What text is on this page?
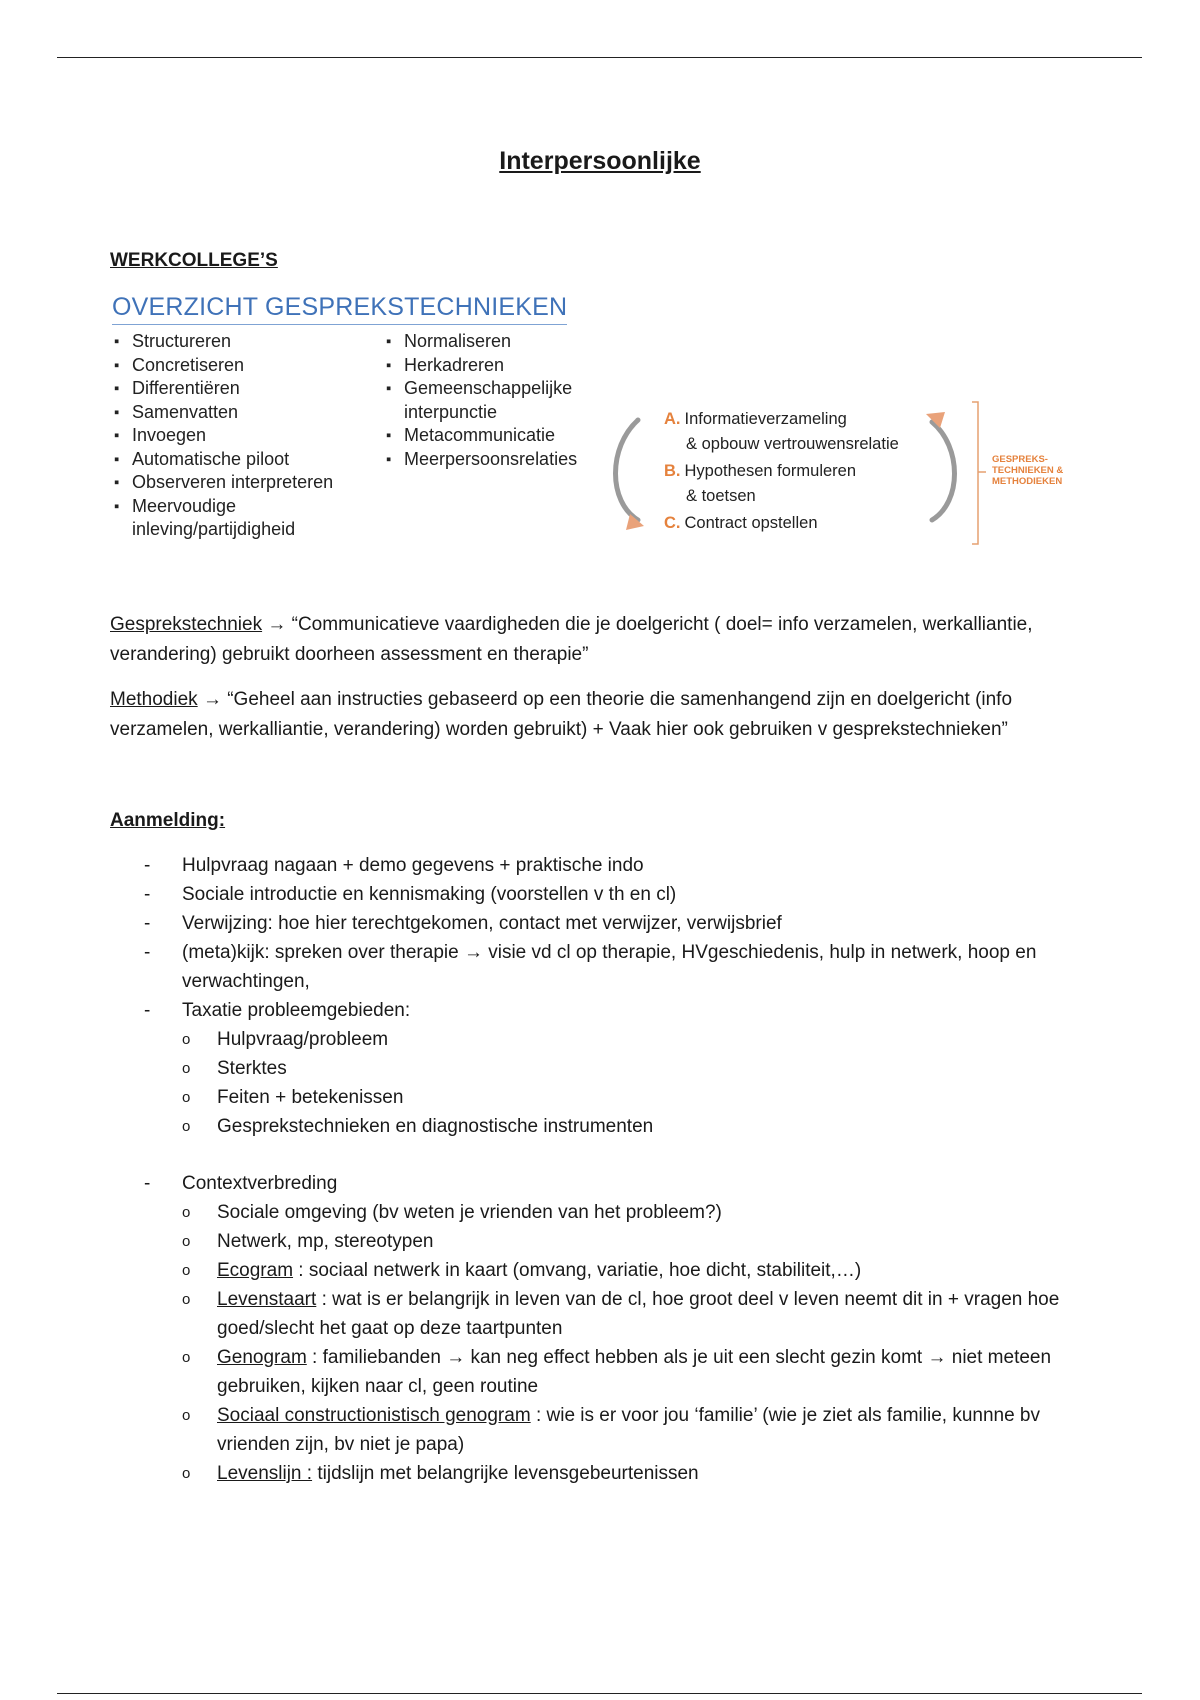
Interpersoonlijke
WERKCOLLEGE’S
OVERZICHT GESPREKSTECHNIEKEN
▪ Structureren
▪ Concretiseren
▪ Differentiëren
▪ Samenvatten
▪ Invoegen
▪ Automatische piloot
▪ Observeren interpreteren
▪ Meervoudige
inleving/partijdigheid
▪ Normaliseren
▪ Herkadreren
▪ Gemeenschappelijke
interpunctie
▪ Metacommunicatie
▪ Meerpersoonsrelaties
A. Informatieverzameling
& opbouw vertrouwensrelatie
B. Hypothesen formuleren
& toetsen
C. Contract opstellen
GESPREKS-
TECHNIEKEN &
METHODIEKEN
Gesprekstechniek → “Communicatieve vaardigheden die je doelgericht ( doel= info verzamelen, werkalliantie, verandering) gebruikt doorheen assessment en therapie”
Methodiek → “Geheel aan instructies gebaseerd op een theorie die samenhangend zijn en doelgericht (info verzamelen, werkalliantie, verandering) worden gebruikt) + Vaak hier ook gebruiken v gesprekstechnieken”
Aanmelding:
- Hulpvraag nagaan + demo gegevens + praktische indo
- Sociale introductie en kennismaking (voorstellen v th en cl)
- Verwijzing: hoe hier terechtgekomen, contact met verwijzer, verwijsbrief
- (meta)kijk: spreken over therapie → visie vd cl op therapie, HVgeschiedenis, hulp in netwerk, hoop en verwachtingen,
- Taxatie probleemgebieden:
o Hulpvraag/probleem
o Sterktes
o Feiten + betekenissen
o Gesprekstechnieken en diagnostische instrumenten
- Contextverbreding
o Sociale omgeving (bv weten je vrienden van het probleem?)
o Netwerk, mp, stereotypen
o Ecogram : sociaal netwerk in kaart (omvang, variatie, hoe dicht, stabiliteit,…)
o Levenstaart : wat is er belangrijk in leven van de cl, hoe groot deel v leven neemt dit in + vragen hoe goed/slecht het gaat op deze taartpunten
o Genogram : familiebanden → kan neg effect hebben als je uit een slecht gezin komt → niet meteen gebruiken, kijken naar cl, geen routine
o Sociaal constructionistisch genogram : wie is er voor jou ‘familie’ (wie je ziet als familie, kunnne bv vrienden zijn, bv niet je papa)
o Levenslijn : tijdslijn met belangrijke levensgebeurtenissen
